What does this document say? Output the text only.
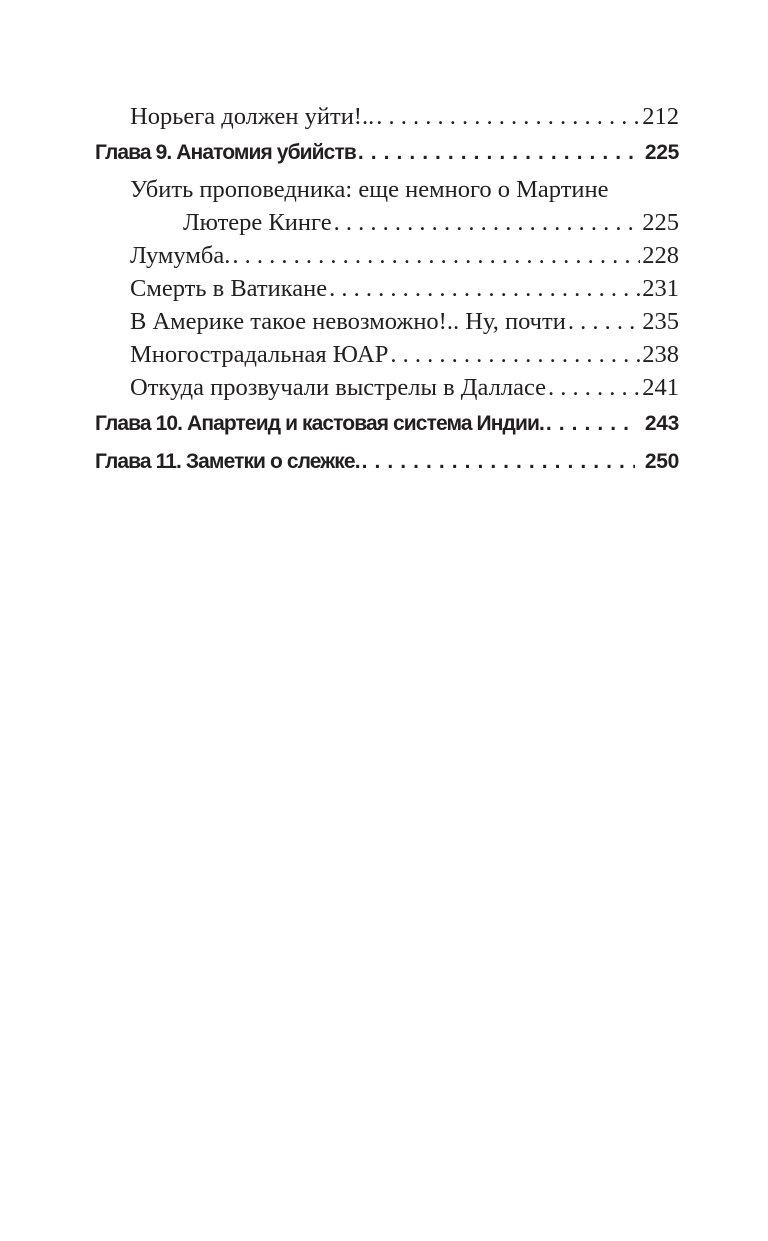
Норьега должен уйти!.. . . .	212
Глава 9. Анатомия убийств . . .	225
Убить проповедника: еще немного о Мартине
Лютере Кинге . . .	225
Лумумба. . . .	228
Смерть в Ватикане . . .	231
В Америке такое невозможно!.. Ну, почти . . .	235
Многострадальная ЮАР . . .	238
Откуда прозвучали выстрелы в Далласе . . .	241
Глава 10. Апартеид и кастовая система Индии. . . .	243
Глава 11. Заметки о слежке. . . .	250
